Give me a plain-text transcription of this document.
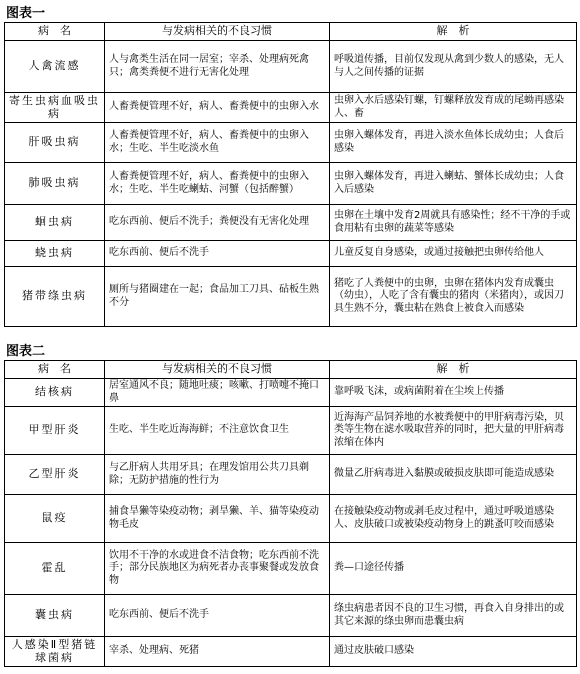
图表一
病　名	与发病相关的不良习惯	解　析
人禽流感	人与禽类生活在同一居室；宰杀、处理病死禽只；禽类粪便不进行无害化处理	呼吸道传播，目前仅发现从禽到少数人的感染，无人与人之间传播的证据
寄生虫病血吸虫病	人畜粪便管理不好，病人、畜粪便中的虫卵入水	虫卵入水后感染钉螺，钉螺释放发育成的尾蚴再感染人、畜
肝吸虫病	人畜粪便管理不好，病人、畜粪便中的虫卵入水；生吃、半生吃淡水鱼	虫卵入螺体发育，再进入淡水鱼体长成幼虫；人食后感染
肺吸虫病	人畜粪便管理不好，病人、畜粪便中的虫卵入水；生吃、半生吃蝲蛄、河蟹（包括醉蟹）	虫卵入螺体发育，再进入蝲蛄、蟹体长成幼虫；人食入后感染
蛔虫病	吃东西前、便后不洗手；粪便没有无害化处理	虫卵在土壤中发育2周就具有感染性；经不干净的手或食用粘有虫卵的蔬菜等感染
蛲虫病	吃东西前、便后不洗手	儿童反复自身感染，或通过接触把虫卵传给他人
猪带绦虫病	厕所与猪圈建在一起；食品加工刀具、砧板生熟不分	猪吃了人粪便中的虫卵，虫卵在猪体内发育成囊虫（幼虫），人吃了含有囊虫的猪肉（米猪肉），或因刀具生熟不分，囊虫粘在熟食上被食入而感染
图表二
病　名	与发病相关的不良习惯	解　析
结核病	居室通风不良；随地吐痰；咳嗽、打喷嚏不掩口鼻	靠呼吸飞沫，或病菌附着在尘埃上传播
甲型肝炎	生吃、半生吃近海海鲜；不注意饮食卫生	近海海产品饲养地的水被粪便中的甲肝病毒污染，贝类等生物在滤水吸取营养的同时，把大量的甲肝病毒浓缩在体内
乙型肝炎	与乙肝病人共用牙具；在理发馆用公共刀具剃除；无防护措施的性行为	微量乙肝病毒进入黏膜或破损皮肤即可能造成感染
鼠疫	捕食旱獭等染疫动物；剥旱獭、羊、猫等染疫动物毛皮	在接触染疫动物或剥毛皮过程中，通过呼吸道感染人、皮肤破口或被染疫动物身上的跳蚤叮咬而感染
霍乱	饮用不干净的水或进食不洁食物；吃东西前不洗手；部分民族地区为病死者办丧事聚餐或发放食物	粪—口途径传播
囊虫病	吃东西前、便后不洗手	绦虫病患者因不良的卫生习惯，再食入自身排出的或其它来源的绦虫卵而患囊虫病
人感染Ⅱ型猪链球菌病	宰杀、处理病、死猪	通过皮肤破口感染
